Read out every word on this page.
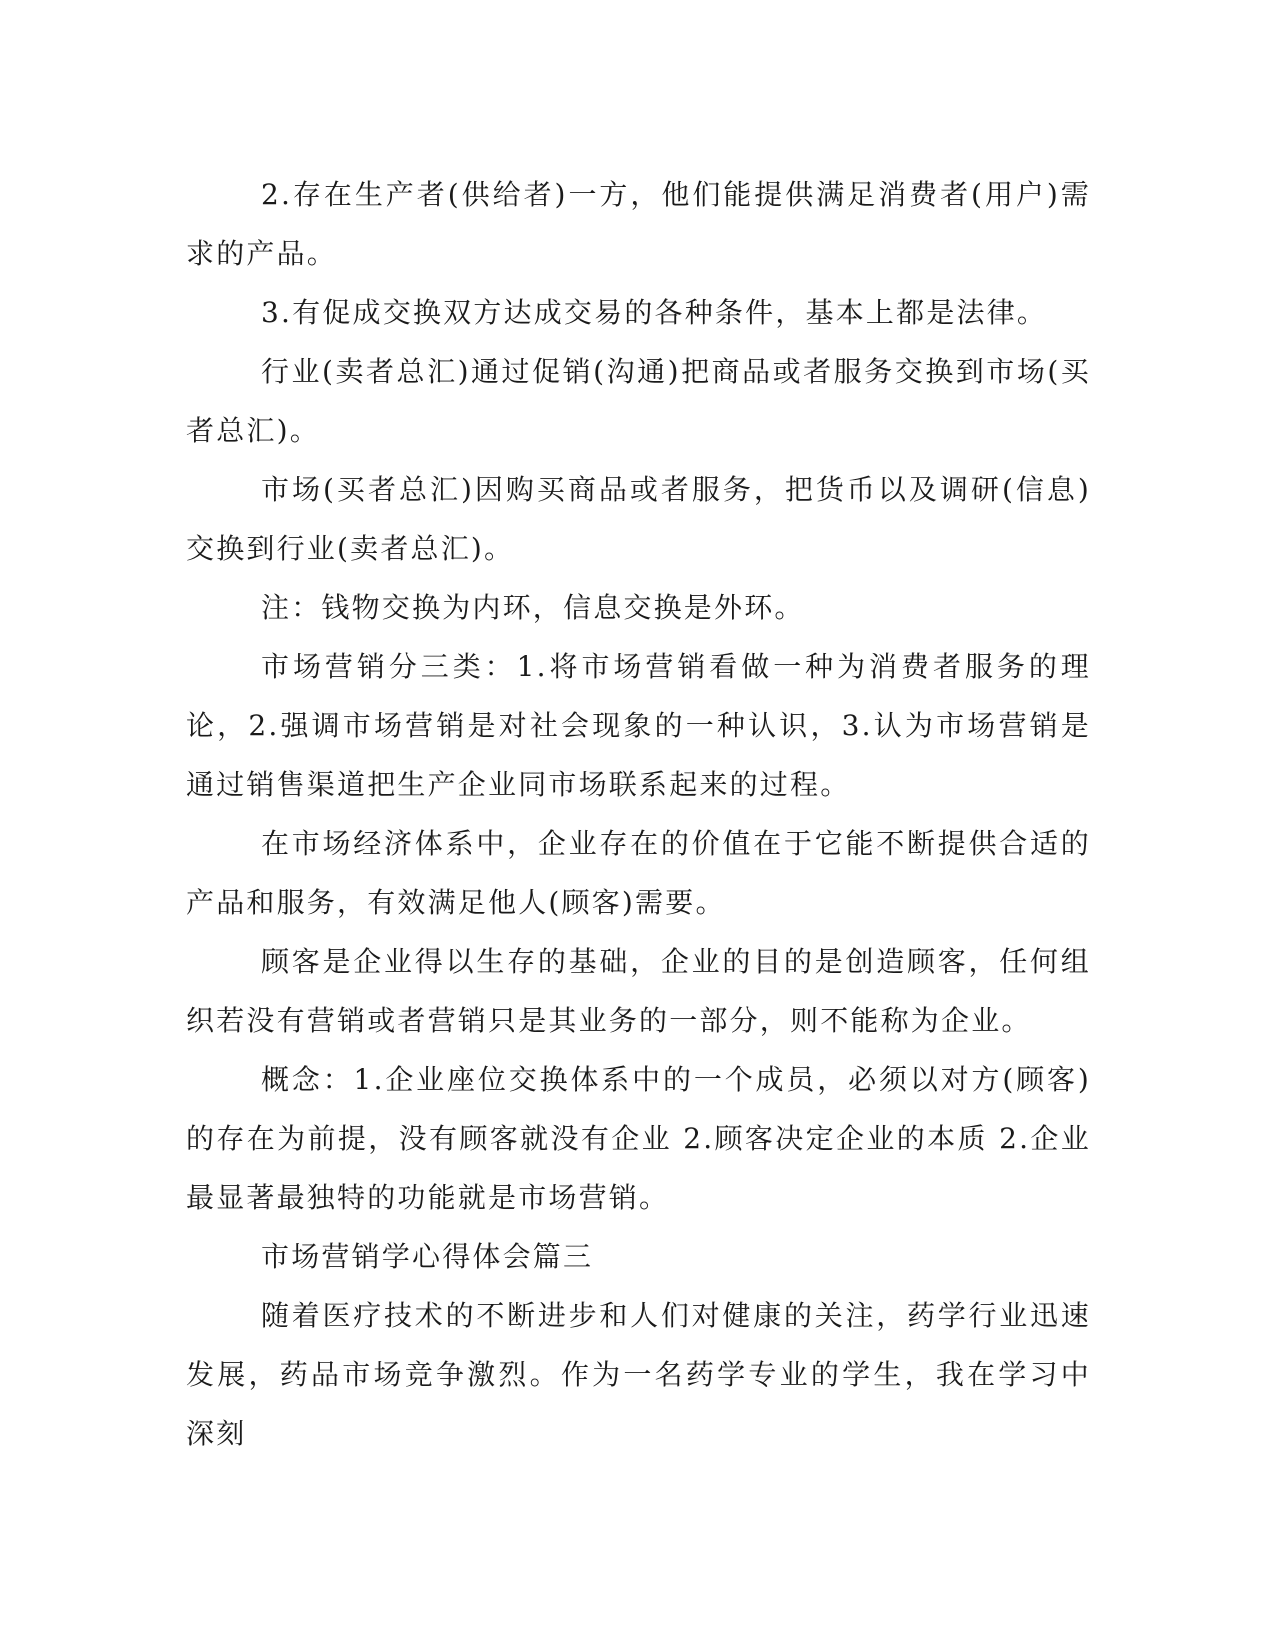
2.存在生产者(供给者)一方，他们能提供满足消费者(用户)需求的产品。

3.有促成交换双方达成交易的各种条件，基本上都是法律。

行业(卖者总汇)通过促销(沟通)把商品或者服务交换到市场(买者总汇)。

市场(买者总汇)因购买商品或者服务，把货币以及调研(信息)交换到行业(卖者总汇)。

注：钱物交换为内环，信息交换是外环。

市场营销分三类：1.将市场营销看做一种为消费者服务的理论，2.强调市场营销是对社会现象的一种认识，3.认为市场营销是通过销售渠道把生产企业同市场联系起来的过程。

在市场经济体系中，企业存在的价值在于它能不断提供合适的产品和服务，有效满足他人(顾客)需要。

顾客是企业得以生存的基础，企业的目的是创造顾客，任何组织若没有营销或者营销只是其业务的一部分，则不能称为企业。

概念：1.企业座位交换体系中的一个成员，必须以对方(顾客)的存在为前提，没有顾客就没有企业 2.顾客决定企业的本质 2.企业最显著最独特的功能就是市场营销。

市场营销学心得体会篇三

随着医疗技术的不断进步和人们对健康的关注，药学行业迅速发展，药品市场竞争激烈。作为一名药学专业的学生，我在学习中深刻
